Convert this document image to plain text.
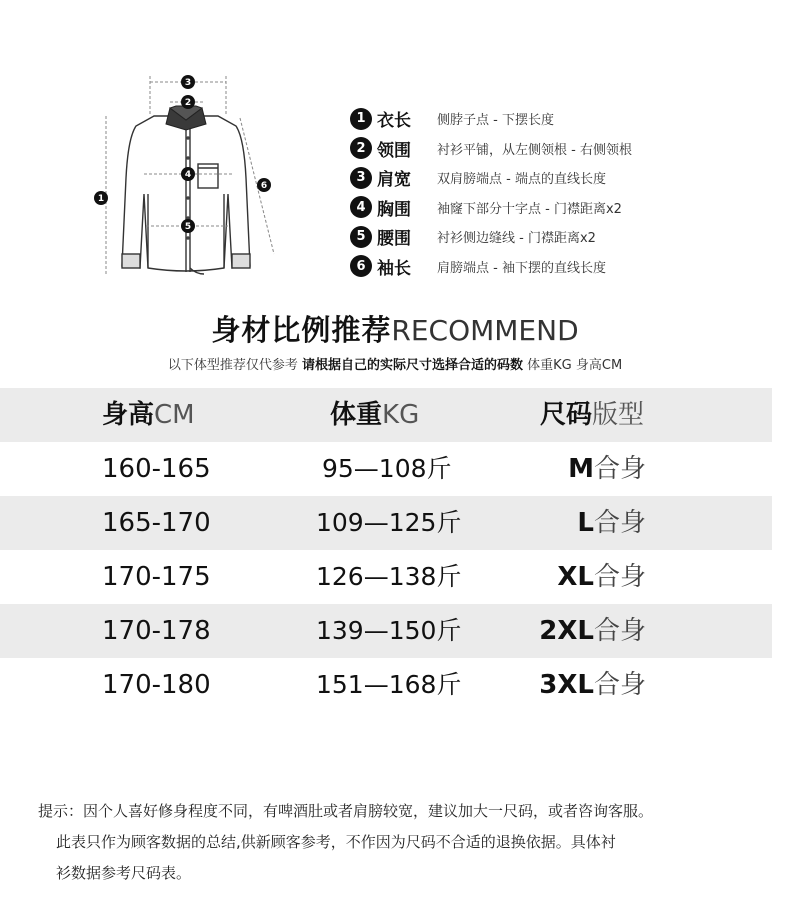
3
2
4
5
1
6
1 衣长	侧脖子点 - 下摆长度
2 领围	衬衫平铺，从左侧领根 - 右侧领根
3 肩宽	双肩膀端点 - 端点的直线长度
4 胸围	袖窿下部分十字点 - 门襟距离x2
5 腰围	衬衫侧边缝线 - 门襟距离x2
6 袖长	肩膀端点 - 袖下摆的直线长度
身材比例推荐RECOMMEND
以下体型推荐仅代参考 请根据自己的实际尺寸选择合适的码数 体重KG 身高CM
身高CM	体重KG	尺码版型
160-165	95—108斤	M合身
165-170	109—125斤	L合身
170-175	126—138斤	XL合身
170-178	139—150斤	2XL合身
170-180	151—168斤	3XL合身
提示：因个人喜好修身程度不同，有啤酒肚或者肩膀较宽，建议加大一尺码，或者咨询客服。
此表只作为顾客数据的总结,供新顾客参考，不作因为尺码不合适的退换依据。具体衬
衫数据参考尺码表。
